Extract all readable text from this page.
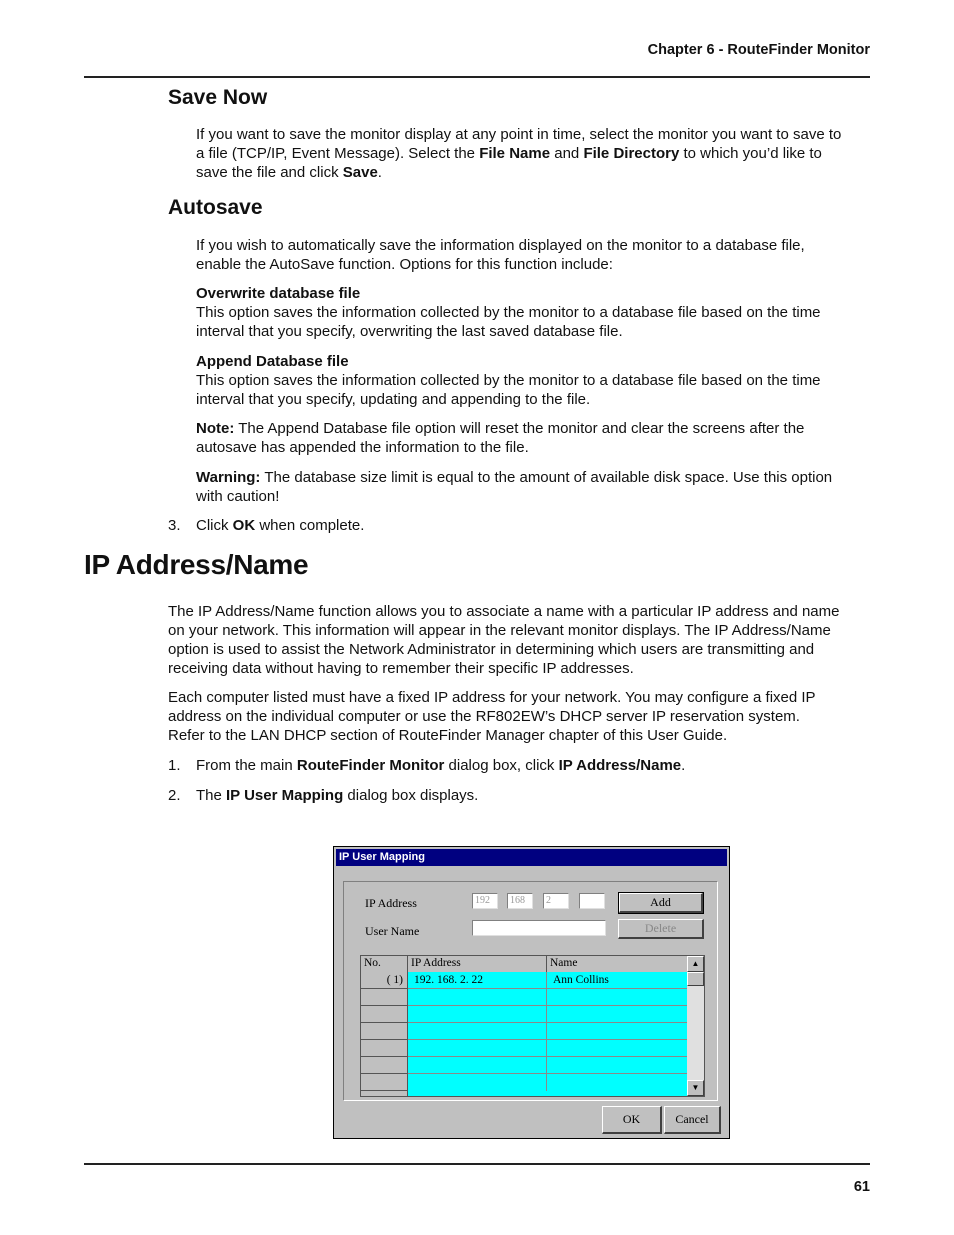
Chapter 6 - RouteFinder Monitor
Save Now
If you want to save the monitor display at any point in time, select the monitor you want to save to
a file (TCP/IP, Event Message). Select the File Name and File Directory to which you’d like to
save the file and click Save.
Autosave
If you wish to automatically save the information displayed on the monitor to a database file,
enable the AutoSave function. Options for this function include:
Overwrite database file
This option saves the information collected by the monitor to a database file based on the time
interval that you specify, overwriting the last saved database file.
Append Database file
This option saves the information collected by the monitor to a database file based on the time
interval that you specify, updating and appending to the file.
Note: The Append Database file option will reset the monitor and clear the screens after the
autosave has appended the information to the file.
Warning: The database size limit is equal to the amount of available disk space. Use this option
with caution!
3. Click OK when complete.
IP Address/Name
The IP Address/Name function allows you to associate a name with a particular IP address and name
on your network. This information will appear in the relevant monitor displays. The IP Address/Name
option is used to assist the Network Administrator in determining which users are transmitting and
receiving data without having to remember their specific IP addresses.
Each computer listed must have a fixed IP address for your network. You may configure a fixed IP
address on the individual computer or use the RF802EW’s DHCP server IP reservation system.
Refer to the LAN DHCP section of RouteFinder Manager chapter of this User Guide.
1. From the main RouteFinder Monitor dialog box, click IP Address/Name.
2. The IP User Mapping dialog box displays.
IP User Mapping
IP Address	192	168	2	Add
User Name	Delete
No.	IP Address	Name
( 1) 192. 168. 2. 22	Ann Collins
▲
▼
OK	Cancel
61
